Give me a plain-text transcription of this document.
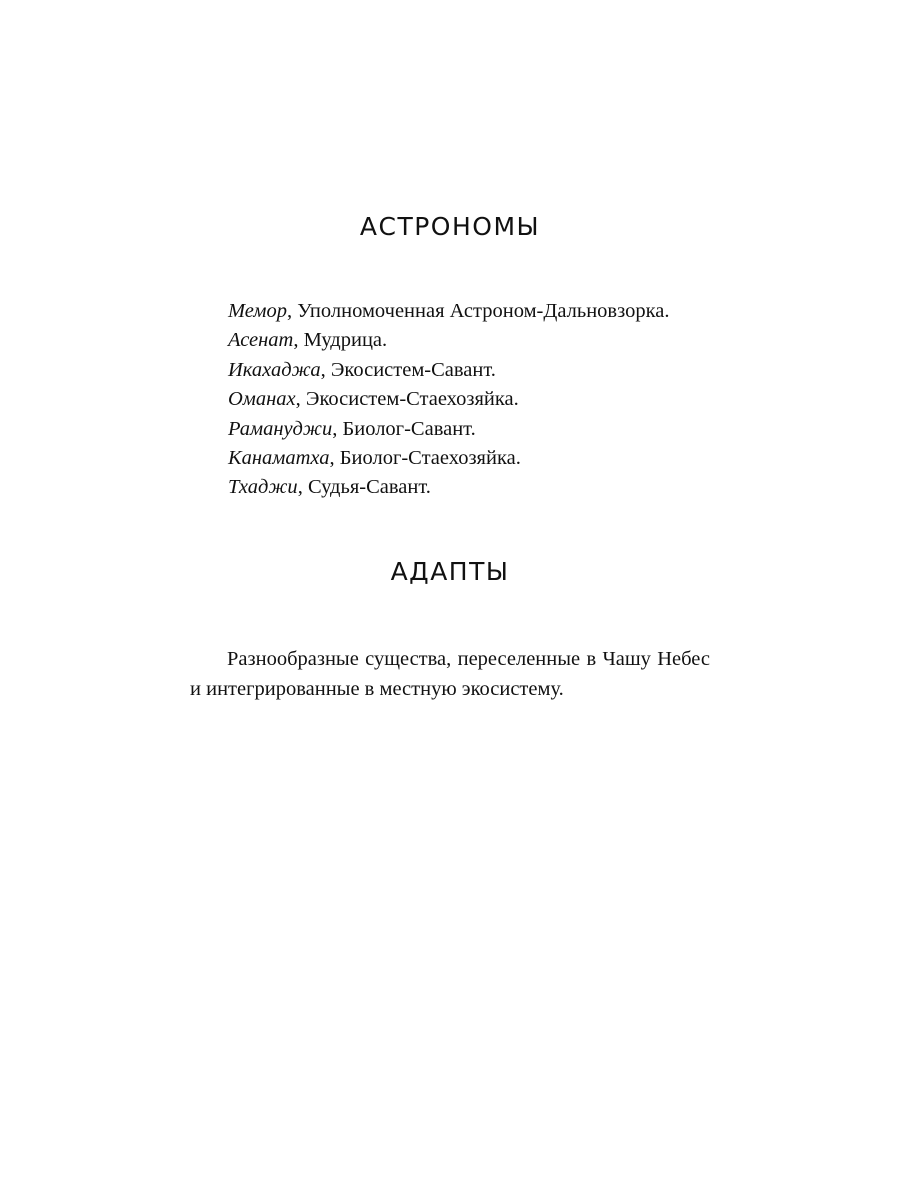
АСТРОНОМЫ
Мемор, Уполномоченная Астроном-Дальновзорка.
Асенат, Мудрица.
Икахаджа, Экосистем-Савант.
Оманах, Экосистем-Стаехозяйка.
Рамануджи, Биолог-Савант.
Канаматха, Биолог-Стаехозяйка.
Тхаджи, Судья-Савант.
АДАПТЫ

Разнообразные существа, переселенные в Чашу Небес и интегрированные в местную экосистему.
